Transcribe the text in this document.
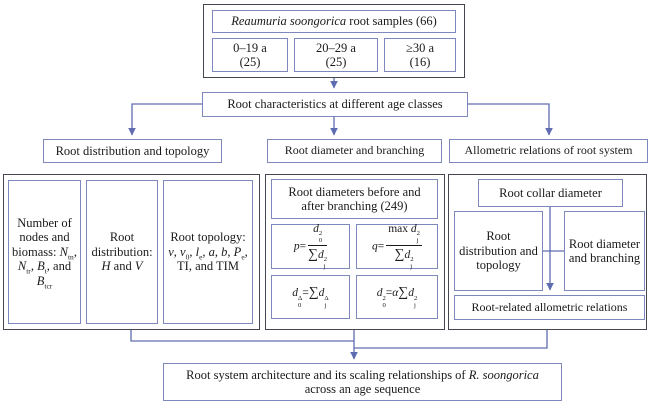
Reaumuria soongorica root samples (66)
0–19 a
(25)
20–29 a
(25)
≥30 a
(16)
Root characteristics at different age classes
Root distribution and topology	Root diameter and branching	Allometric relations of root system
Number of nodes and biomass: $N_{tn}$, $N_{tr}$, $B_t$, and $B_{tcr}$
Root distribution: H and V
Root topology: v, $v_0$, $l_e$, a, b, $P_e$, TI, and TIM
Root diameters before and after branching (249)
p= d 2
0
∑d 2
j	q= max d 2
j
∑d 2
j
d Δ
0
=∑d Δ
j
d 2
0
=α∑d 2
j
Root collar diameter
Root distribution and topology
Root diameter and branching
Root-related allometric relations
Root system architecture and its scaling relationships of R. soongorica
across an age sequence
